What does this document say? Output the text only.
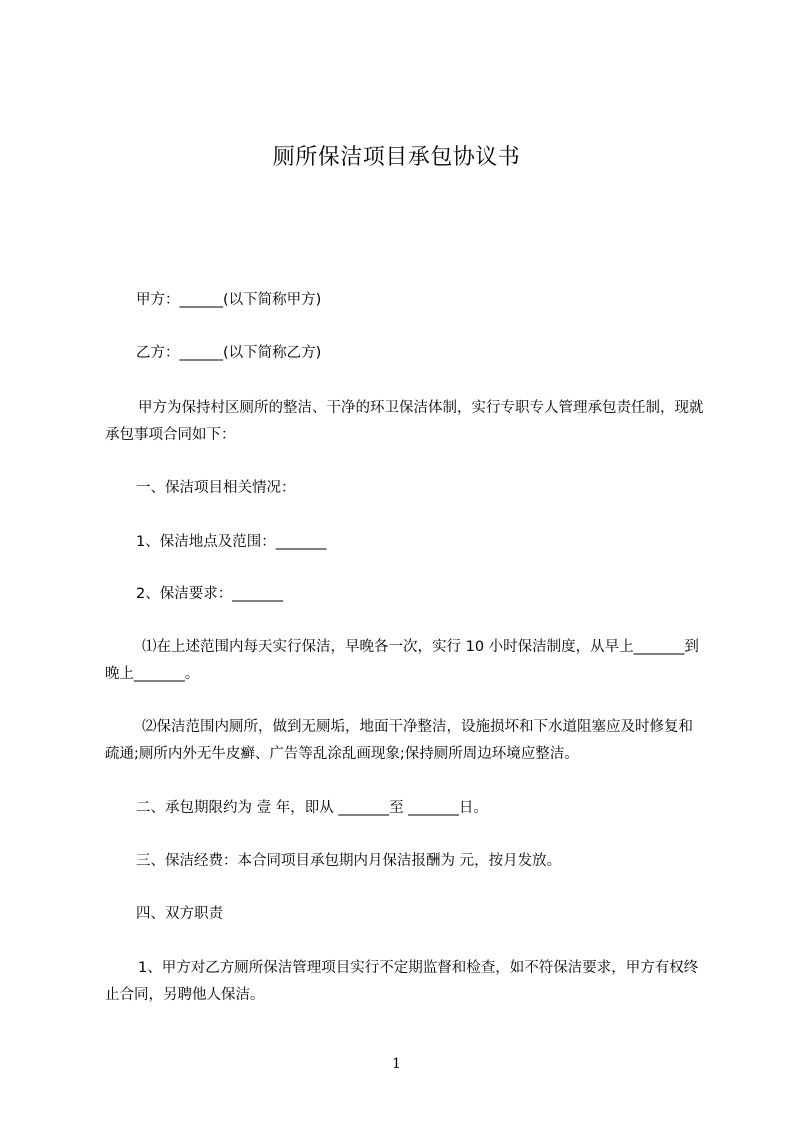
厕所保洁项目承包协议书

甲方：______(以下简称甲方)

乙方：______(以下简称乙方)

甲方为保持村区厕所的整洁、干净的环卫保洁体制，实行专职专人管理承包责任制，现就承包事项合同如下：

一、保洁项目相关情况：

1、保洁地点及范围：_______

2、保洁要求：_______

⑴在上述范围内每天实行保洁，早晚各一次，实行 10 小时保洁制度，从早上_______到晚上_______。

⑵保洁范围内厕所，做到无厕垢，地面干净整洁，设施损坏和下水道阻塞应及时修复和疏通;厕所内外无牛皮癣、广告等乱涂乱画现象;保持厕所周边环境应整洁。

二、承包期限约为 壹 年，即从 _______至 _______日。

三、保洁经费：本合同项目承包期内月保洁报酬为 元，按月发放。

四、双方职责

1、甲方对乙方厕所保洁管理项目实行不定期监督和检查，如不符保洁要求，甲方有权终止合同，另聘他人保洁。

1
